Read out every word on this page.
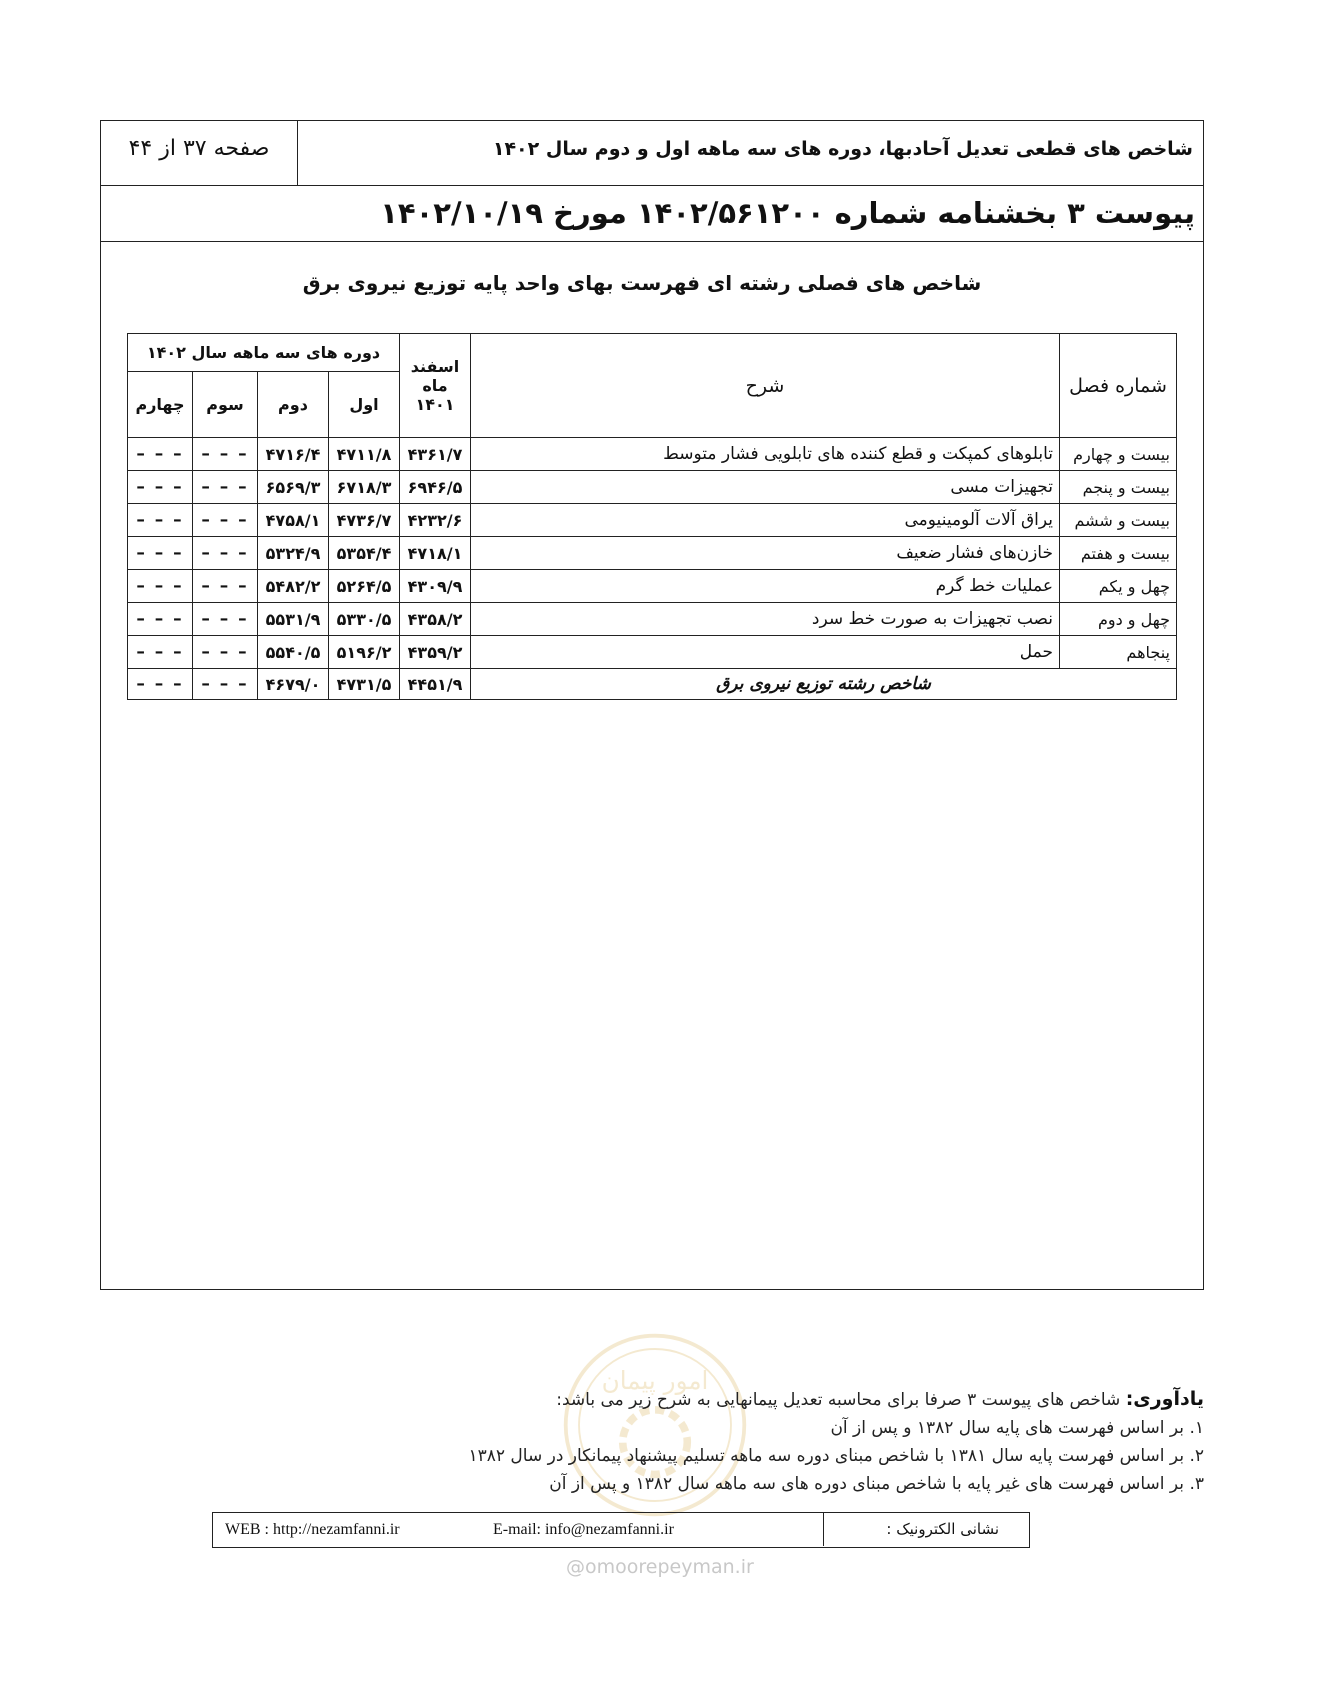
شاخص های قطعی تعدیل آحادبها، دوره های سه ماهه اول و دوم سال ۱۴۰۲
صفحه ۳۷ از ۴۴
پیوست ۳ بخشنامه شماره ۱۴۰۲/۵۶۱۲۰۰ مورخ ۱۴۰۲/۱۰/۱۹
شاخص های فصلی رشته ای فهرست بهای واحد پایه توزیع نیروی برق
شماره فصل	شرح	اسفند ماه ۱۴۰۱	دوره های سه ماهه سال ۱۴۰۲			
			اول	دوم	سوم	چهارم
بیست و چهارم	تابلوهای کمپکت و قطع کننده های تابلویی فشار متوسط	۴۳۶۱/۷	۴۷۱۱/۸	۴۷۱۶/۴	– – –	– – –
بیست و پنجم	تجهیزات مسی	۶۹۴۶/۵	۶۷۱۸/۳	۶۵۶۹/۳	– – –	– – –
بیست و ششم	یراق آلات آلومینیومی	۴۲۳۲/۶	۴۷۳۶/۷	۴۷۵۸/۱	– – –	– – –
بیست و هفتم	خازن‌های فشار ضعیف	۴۷۱۸/۱	۵۳۵۴/۴	۵۳۲۴/۹	– – –	– – –
چهل و یکم	عملیات خط گرم	۴۳۰۹/۹	۵۲۶۴/۵	۵۴۸۲/۲	– – –	– – –
چهل و دوم	نصب تجهیزات به صورت خط سرد	۴۳۵۸/۲	۵۳۳۰/۵	۵۵۳۱/۹	– – –	– – –
پنجاهم	حمل	۴۳۵۹/۲	۵۱۹۶/۲	۵۵۴۰/۵	– – –	– – –
شاخص رشته توزیع نیروی برق		۴۴۵۱/۹	۴۷۳۱/۵	۴۶۷۹/۰	– – –	– – –
امور پیمان
یادآوری: شاخص های پیوست ۳ صرفا برای محاسبه تعدیل پیمانهایی به شرح زیر می باشد:
۱. بر اساس فهرست های پایه سال ۱۳۸۲ و پس از آن
۲. بر اساس فهرست پایه سال ۱۳۸۱ با شاخص مبنای دوره سه ماهه تسلیم پیشنهاد پیمانکار در سال ۱۳۸۲
۳. بر اساس فهرست های غیر پایه با شاخص مبنای دوره های سه ماهه سال ۱۳۸۲ و پس از آن
نشانی الکترونیک :
E-mail: info@nezamfanni.ir
WEB : http://nezamfanni.ir
@omoorepeyman.ir
